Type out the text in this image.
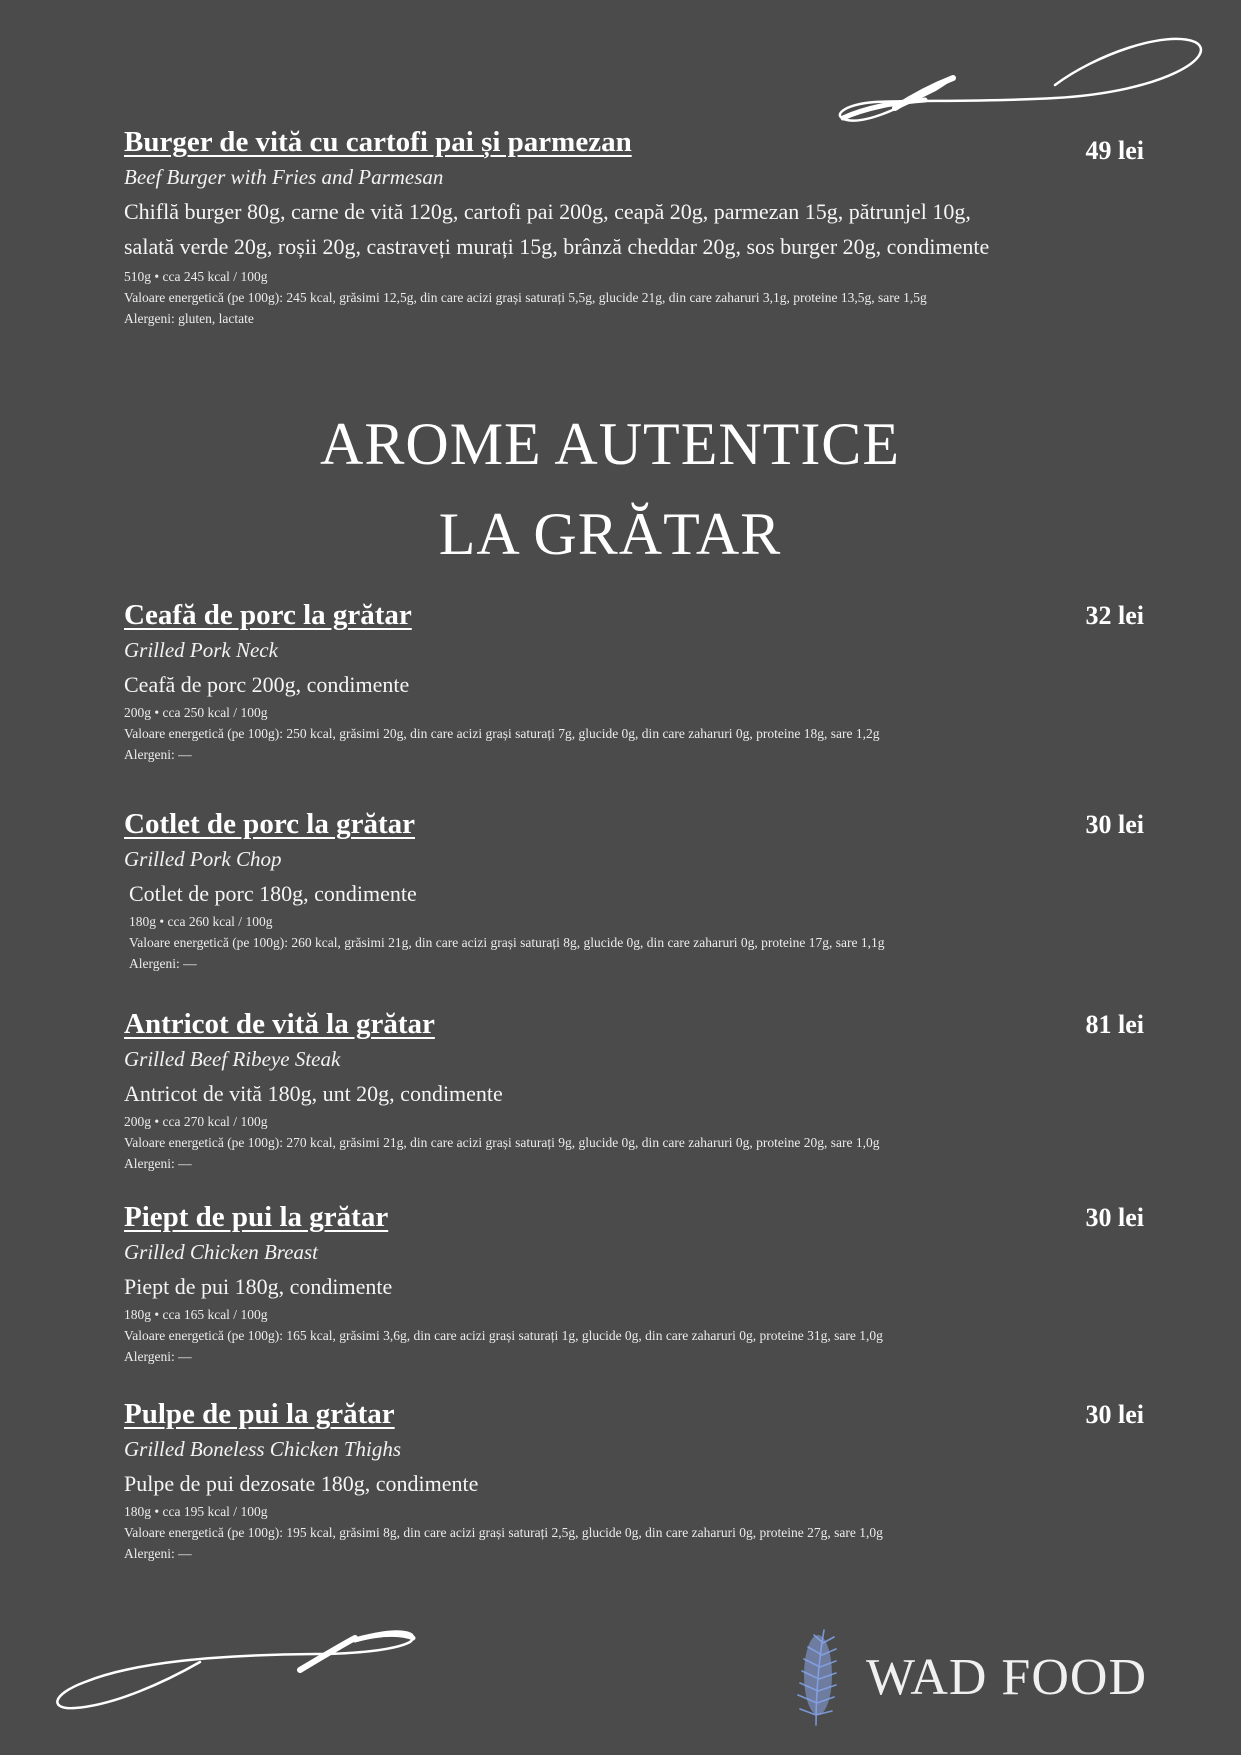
Burger de vită cu cartofi pai și parmezan	49 lei
Beef Burger with Fries and Parmesan
Chiflă burger 80g, carne de vită 120g, cartofi pai 200g, ceapă 20g, parmezan 15g, pătrunjel 10g, salată verde 20g, roșii 20g, castraveți murați 15g, brânză cheddar 20g, sos burger 20g, condimente
510g • cca 245 kcal / 100g
Valoare energetică (pe 100g): 245 kcal, grăsimi 12,5g, din care acizi grași saturați 5,5g, glucide 21g, din care zaharuri 3,1g, proteine 13,5g, sare 1,5g
Alergeni: gluten, lactate
AROME AUTENTICE
LA GRĂTAR
Ceafă de porc la grătar	32 lei
Grilled Pork Neck
Ceafă de porc 200g, condimente
200g • cca 250 kcal / 100g
Valoare energetică (pe 100g): 250 kcal, grăsimi 20g, din care acizi grași saturați 7g, glucide 0g, din care zaharuri 0g, proteine 18g, sare 1,2g
Alergeni: —
Cotlet de porc la grătar	30 lei
Grilled Pork Chop
Cotlet de porc 180g, condimente
180g • cca 260 kcal / 100g
Valoare energetică (pe 100g): 260 kcal, grăsimi 21g, din care acizi grași saturați 8g, glucide 0g, din care zaharuri 0g, proteine 17g, sare 1,1g
Alergeni: —
Antricot de vită la grătar	81 lei
Grilled Beef Ribeye Steak
Antricot de vită 180g, unt 20g, condimente
200g • cca 270 kcal / 100g
Valoare energetică (pe 100g): 270 kcal, grăsimi 21g, din care acizi grași saturați 9g, glucide 0g, din care zaharuri 0g, proteine 20g, sare 1,0g
Alergeni: —
Piept de pui la grătar	30 lei
Grilled Chicken Breast
Piept de pui 180g, condimente
180g • cca 165 kcal / 100g
Valoare energetică (pe 100g): 165 kcal, grăsimi 3,6g, din care acizi grași saturați 1g, glucide 0g, din care zaharuri 0g, proteine 31g, sare 1,0g
Alergeni: —
Pulpe de pui la grătar	30 lei
Grilled Boneless Chicken Thighs
Pulpe de pui dezosate 180g, condimente
180g • cca 195 kcal / 100g
Valoare energetică (pe 100g): 195 kcal, grăsimi 8g, din care acizi grași saturați 2,5g, glucide 0g, din care zaharuri 0g, proteine 27g, sare 1,0g
Alergeni: —
WAD FOOD
